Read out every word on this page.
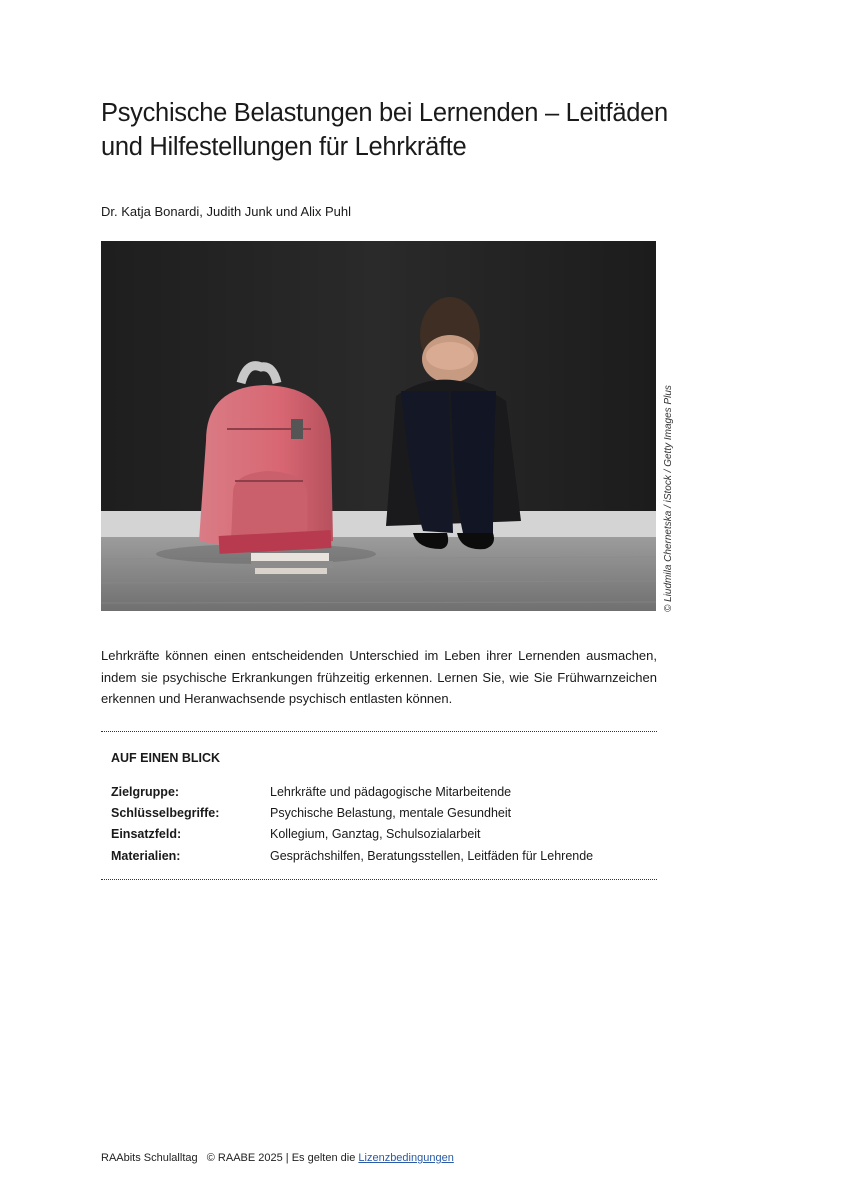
Psychische Belastungen bei Lernenden – Leitfäden
und Hilfestellungen für Lehrkräfte
Dr. Katja Bonardi, Judith Junk und Alix Puhl
© Liudmila Chernetska / iStock / Getty Images Plus

Lehrkräfte können einen entscheidenden Unterschied im Leben ihrer Lernenden ausmachen, indem sie psychische Erkrankungen frühzeitig erkennen. Lernen Sie, wie Sie Frühwarnzeichen erkennen und Heranwachsende psychisch entlasten können.

AUF EINEN BLICK
Zielgruppe:	Lehrkräfte und pädagogische Mitarbeitende
Schlüsselbegriffe:	Psychische Belastung, mentale Gesundheit
Einsatzfeld:	Kollegium, Ganztag, Schulsozialarbeit
Materialien:	Gesprächshilfen, Beratungsstellen, Leitfäden für Lehrende
RAAbits Schulalltag   © RAABE 2025 | Es gelten die Lizenzbedingungen
